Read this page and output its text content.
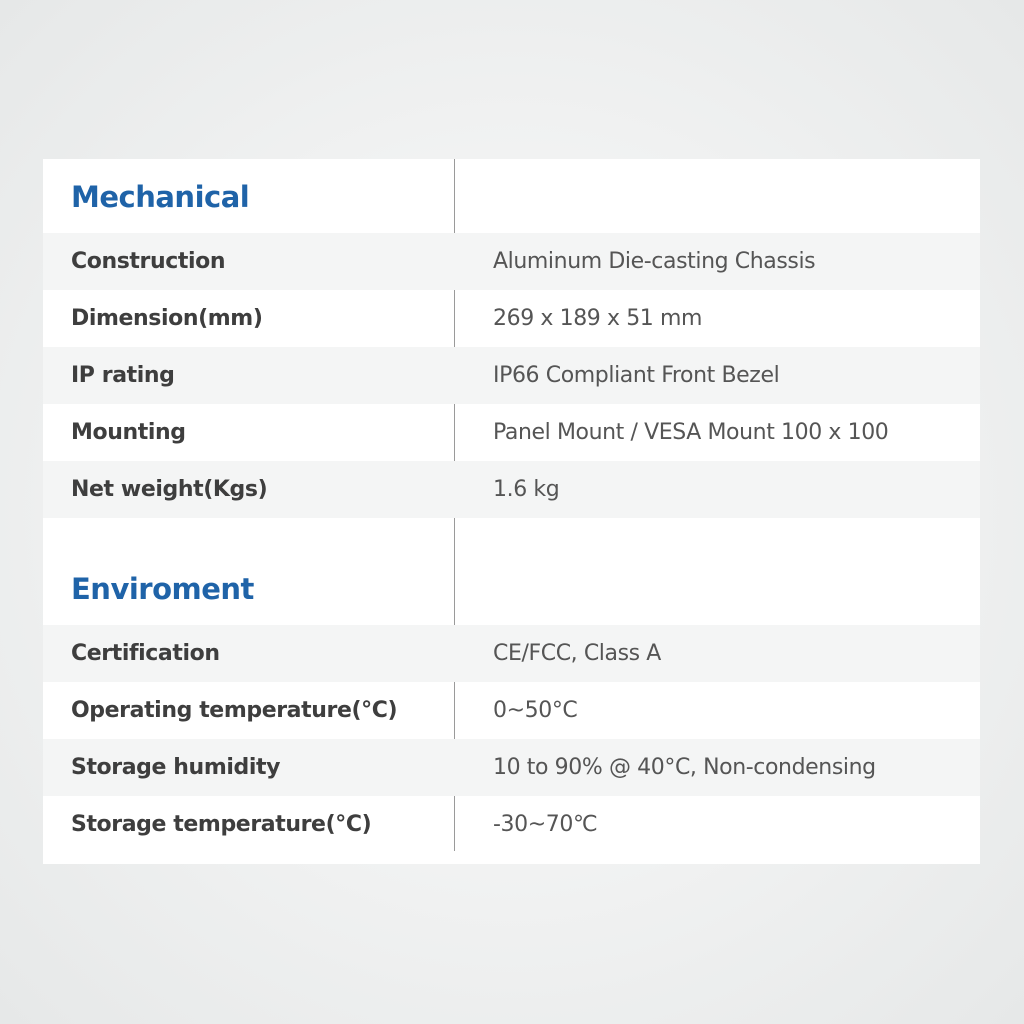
Mechanical
Construction	Aluminum Die-casting Chassis
Dimension(mm)	269 x 189 x 51 mm
IP rating	IP66 Compliant Front Bezel
Mounting	Panel Mount / VESA Mount 100 x 100
Net weight(Kgs)	1.6 kg
Enviroment
Certification	CE/FCC, Class A
Operating temperature(°C)	0~50°C
Storage humidity	10 to 90% @ 40°C, Non-condensing
Storage temperature(°C)	-30~70℃
